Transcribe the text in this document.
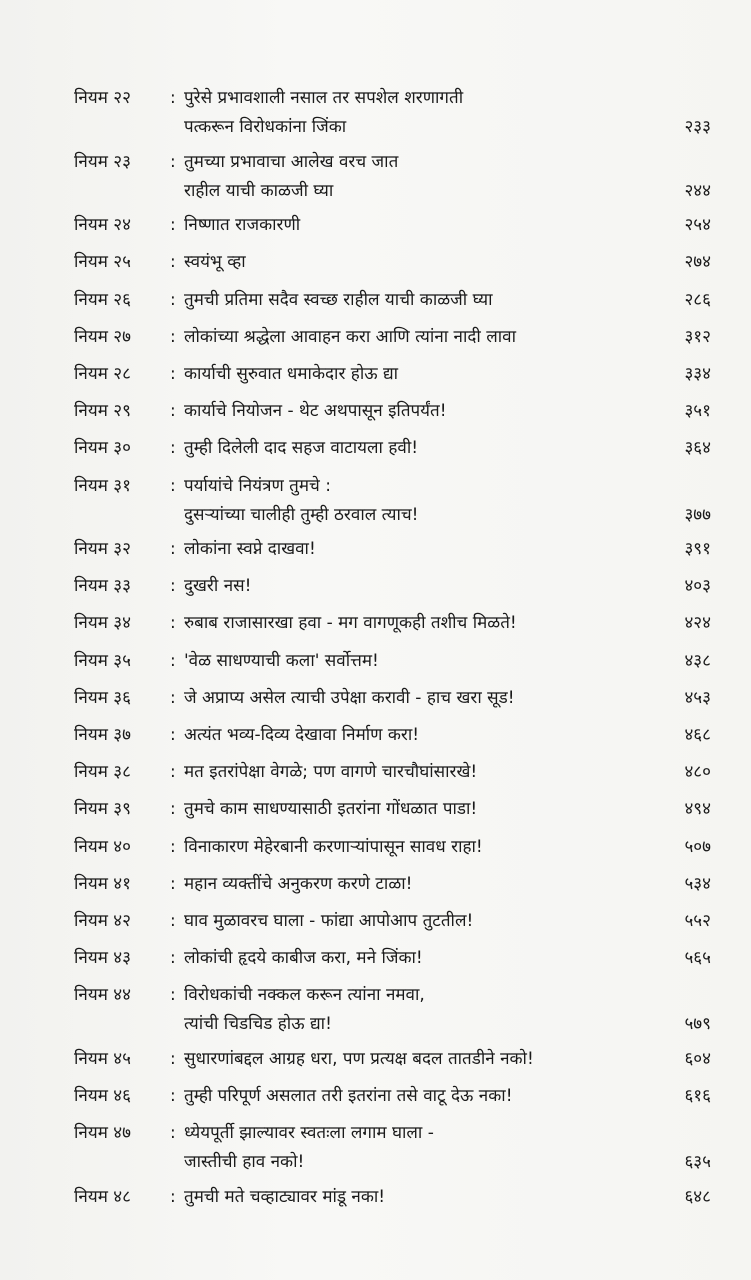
नियम २२	: पुरेसे प्रभावशाली नसाल तर सपशेल शरणागती
पत्करून विरोधकांना जिंका	२३३
नियम २३	: तुमच्या प्रभावाचा आलेख वरच जात
राहील याची काळजी घ्या	२४४
नियम २४	: निष्णात राजकारणी	२५४
नियम २५	: स्वयंभू व्हा	२७४
नियम २६	: तुमची प्रतिमा सदैव स्वच्छ राहील याची काळजी घ्या	२८६
नियम २७	: लोकांच्या श्रद्धेला आवाहन करा आणि त्यांना नादी लावा	३१२
नियम २८	: कार्याची सुरुवात धमाकेदार होऊ द्या	३३४
नियम २९	: कार्याचे नियोजन - थेट अथपासून इतिपर्यंत!	३५१
नियम ३०	: तुम्ही दिलेली दाद सहज वाटायला हवी!	३६४
नियम ३१	: पर्यायांचे नियंत्रण तुमचे :
दुसऱ्यांच्या चालीही तुम्ही ठरवाल त्याच!	३७७
नियम ३२	: लोकांना स्वप्ने दाखवा!	३९१
नियम ३३	: दुखरी नस!	४०३
नियम ३४	: रुबाब राजासारखा हवा - मग वागणूकही तशीच मिळते!	४२४
नियम ३५	: 'वेळ साधण्याची कला' सर्वोत्तम!	४३८
नियम ३६	: जे अप्राप्य असेल त्याची उपेक्षा करावी - हाच खरा सूड!	४५३
नियम ३७	: अत्यंत भव्य-दिव्य देखावा निर्माण करा!	४६८
नियम ३८	: मत इतरांपेक्षा वेगळे; पण वागणे चारचौघांसारखे!	४८०
नियम ३९	: तुमचे काम साधण्यासाठी इतरांना गोंधळात पाडा!	४९४
नियम ४०	: विनाकारण मेहेरबानी करणाऱ्यांपासून सावध राहा!	५०७
नियम ४१	: महान व्यक्तींचे अनुकरण करणे टाळा!	५३४
नियम ४२	: घाव मुळावरच घाला - फांद्या आपोआप तुटतील!	५५२
नियम ४३	: लोकांची हृदये काबीज करा, मने जिंका!	५६५
नियम ४४	: विरोधकांची नक्कल करून त्यांना नमवा,
त्यांची चिडचिड होऊ द्या!	५७९
नियम ४५	: सुधारणांबद्दल आग्रह धरा, पण प्रत्यक्ष बदल तातडीने नको!	६०४
नियम ४६	: तुम्ही परिपूर्ण असलात तरी इतरांना तसे वाटू देऊ नका!	६१६
नियम ४७	: ध्येयपूर्ती झाल्यावर स्वतःला लगाम घाला -
जास्तीची हाव नको!	६३५
नियम ४८	: तुमची मते चव्हाट्यावर मांडू नका!	६४८
